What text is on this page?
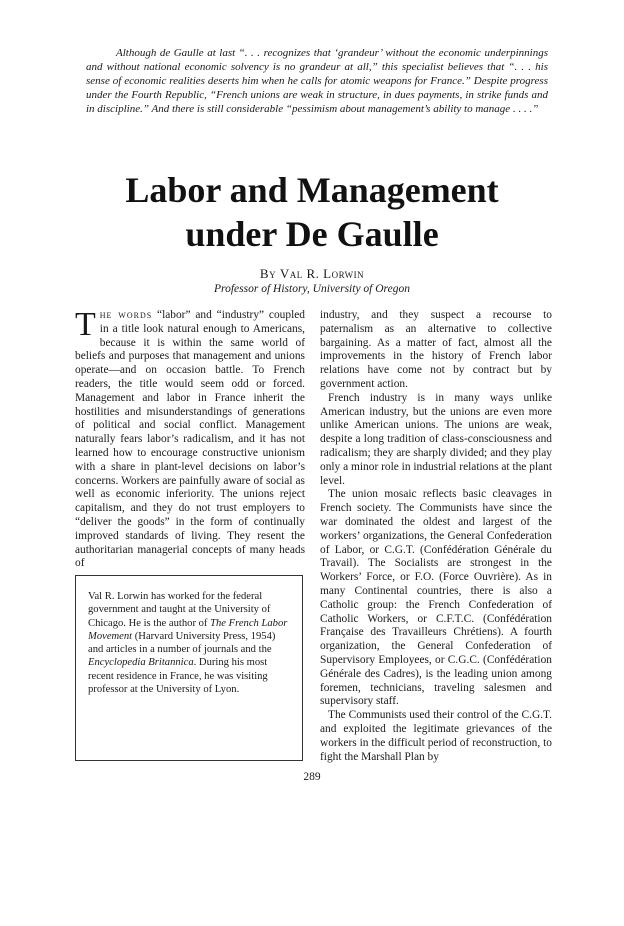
Although de Gaulle at last “. . . recognizes that ‘grandeur’ without the economic underpinnings and without national economic solvency is no grandeur at all,” this specialist believes that “. . . his sense of economic realities deserts him when he calls for atomic weapons for France.” Despite progress under the Fourth Republic, “French unions are weak in structure, in dues payments, in strike funds and in discipline.” And there is still considerable “pessimism about management’s ability to manage . . . .”

Labor and Management
under De Gaulle
By Val R. Lorwin
Professor of History, University of Oregon

T he words “labor” and “industry” coupled in a title look natural enough to Americans, because it is within the same world of beliefs and purposes that management and unions operate—and on occasion battle. To French readers, the title would seem odd or forced. Management and labor in France inherit the hostilities and misunderstandings of generations of political and social conflict. Management naturally fears labor’s radicalism, and it has not learned how to encourage constructive unionism with a share in plant-level decisions on labor’s concerns. Workers are painfully aware of social as well as economic inferiority. The unions reject capitalism, and they do not trust employers to “deliver the goods” in the form of continually improved standards of living. They resent the authoritarian managerial concepts of many heads of

Val R. Lorwin has worked for the federal government and taught at the University of Chicago. He is the author of The French Labor Movement (Harvard University Press, 1954) and articles in a number of journals and the Encyclopedia Britannica. During his most recent residence in France, he was visiting professor at the University of Lyon.

industry, and they suspect a recourse to paternalism as an alternative to collective bargaining. As a matter of fact, almost all the improvements in the history of French labor relations have come not by contract but by government action.

French industry is in many ways unlike American industry, but the unions are even more unlike American unions. The unions are weak, despite a long tradition of class-consciousness and radicalism; they are sharply divided; and they play only a minor role in industrial relations at the plant level.

The union mosaic reflects basic cleavages in French society. The Communists have since the war dominated the oldest and largest of the workers’ organizations, the General Confederation of Labor, or C.G.T. (Confédération Générale du Travail). The Socialists are strongest in the Workers’ Force, or F.O. (Force Ouvrière). As in many Continental countries, there is also a Catholic group: the French Confederation of Catholic Workers, or C.F.T.C. (Confédération Française des Travailleurs Chrétiens). A fourth organization, the General Confederation of Supervisory Employees, or C.G.C. (Confédération Générale des Cadres), is the leading union among foremen, technicians, traveling salesmen and supervisory staff.

The Communists used their control of the C.G.T. and exploited the legitimate grievances of the workers in the difficult period of reconstruction, to fight the Marshall Plan by

289
